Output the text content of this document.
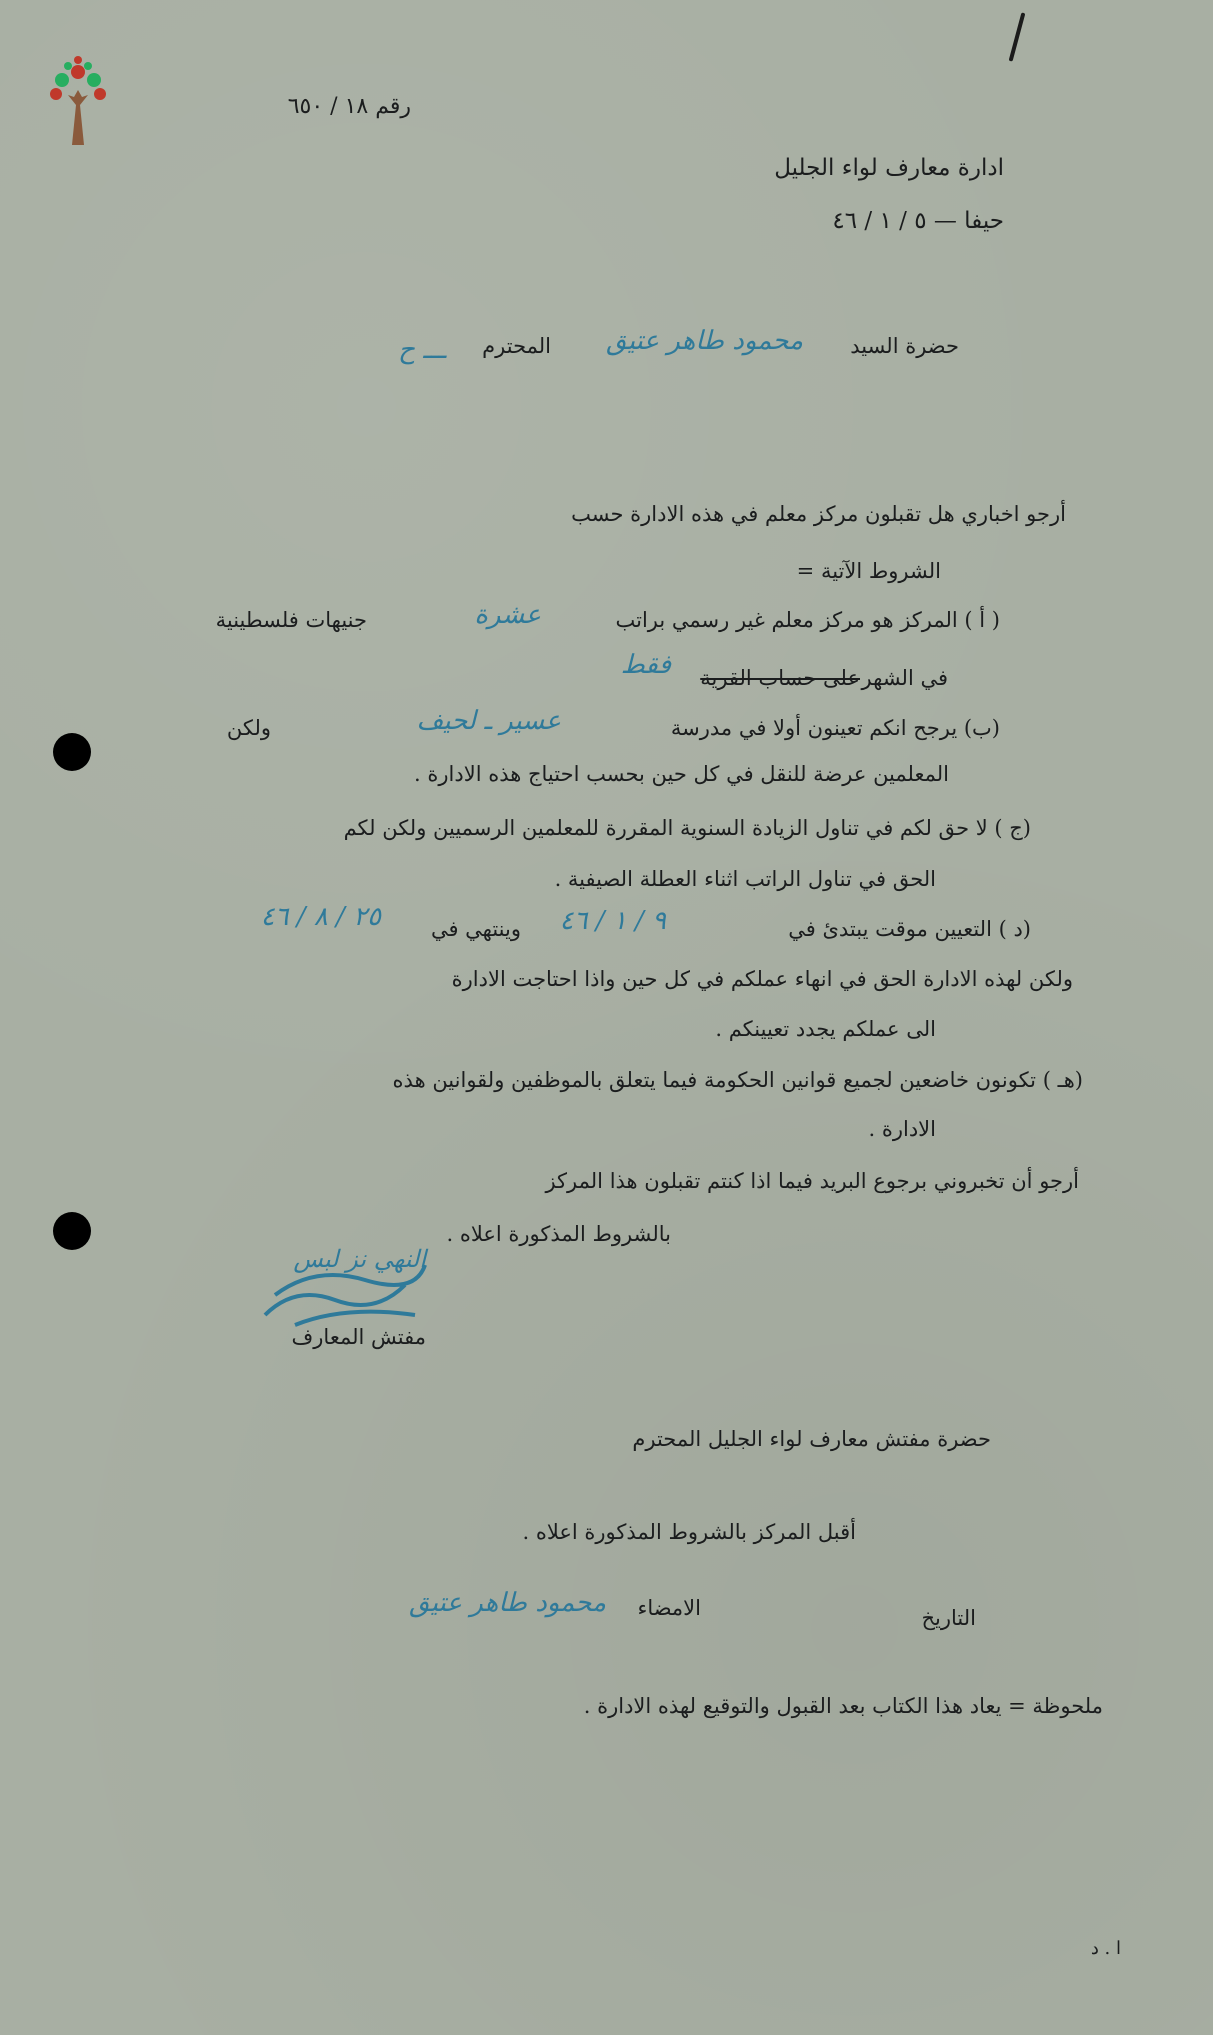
رقم ١٨ / ٦٥٠
ادارة معارف لواء الجليل
حيفا — ٥ / ١ / ٤٦
حضرة السيد
محمود طاهر عتيق
المحترم
ـــ ح
أرجو اخباري هل تقبلون مركز معلم في هذه الادارة حسب
الشروط الآتية =
( أ ) المركز هو مركز معلم غير رسمي براتب
عشرة
جنيهات فلسطينية
في الشهر
على حساب القرية
فقط
(ب) يرجح انكم تعينون أولا في مدرسة
عسير ـ لحيف
ولكن
المعلمين عرضة للنقل في كل حين بحسب احتياج هذه الادارة .
(ج ) لا حق لكم في تناول الزيادة السنوية المقررة للمعلمين الرسميين ولكن لكم
الحق في تناول الراتب اثناء العطلة الصيفية .
(د ) التعيين موقت يبتدئ في
٩ / ١ / ٤٦
وينتهي في
٢٥ / ٨ / ٤٦
ولكن لهذه الادارة الحق في انهاء عملكم في كل حين واذا احتاجت الادارة
الى عملكم يجدد تعيينكم .
(هـ ) تكونون خاضعين لجميع قوانين الحكومة فيما يتعلق بالموظفين ولقوانين هذه
الادارة .
أرجو أن تخبروني برجوع البريد فيما اذا كنتم تقبلون هذا المركز
بالشروط المذكورة اعلاه .
النهي نز لبس
مفتش المعارف
حضرة مفتش معارف لواء الجليل المحترم
أقبل المركز بالشروط المذكورة اعلاه .
التاريخ
الامضاء
محمود طاهر عتيق
ملحوظة = يعاد هذا الكتاب بعد القبول والتوقيع لهذه الادارة .
ا . د
